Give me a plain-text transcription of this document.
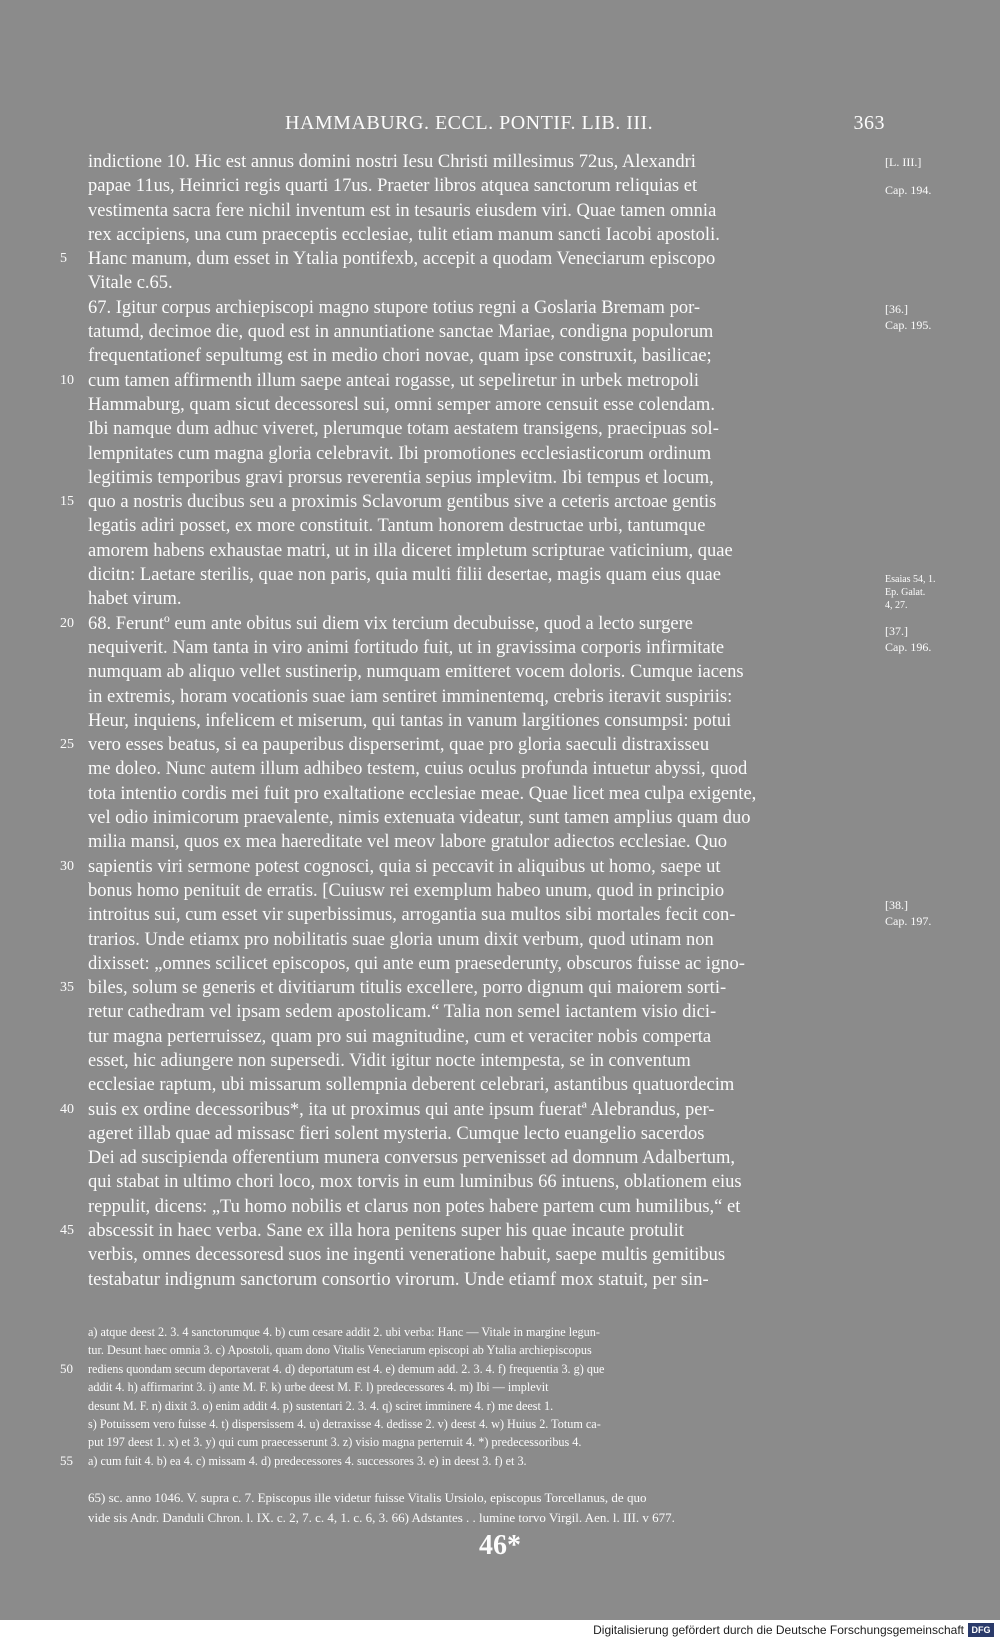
HAMMABURG. ECCL. PONTIF. LIB. III.	363
5
10
15
20
25
30
35
40
45
indictione 10. Hic est annus domini nostri Iesu Christi millesimus 72us, Alexandri
papae 11us, Heinrici regis quarti 17us. Praeter libros atquea sanctorum reliquias et
vestimenta sacra fere nichil inventum est in tesauris eiusdem viri. Quae tamen omnia
rex accipiens, una cum praeceptis ecclesiae, tulit etiam manum sancti Iacobi apostoli.
Hanc manum, dum esset in Ytalia pontifexb, accepit a quodam Veneciarum episcopo
Vitale c.65.
67. Igitur corpus archiepiscopi magno stupore totius regni a Goslaria Bremam por-
tatumd, decimoe die, quod est in annuntiatione sanctae Mariae, condigna populorum
frequentationef sepultumg est in medio chori novae, quam ipse construxit, basilicae;
cum tamen affirmenth illum saepe anteai rogasse, ut sepeliretur in urbek metropoli
Hammaburg, quam sicut decessoresl sui, omni semper amore censuit esse colendam.
Ibi namque dum adhuc viveret, plerumque totam aestatem transigens, praecipuas sol-
lempnitates cum magna gloria celebravit. Ibi promotiones ecclesiasticorum ordinum
legitimis temporibus gravi prorsus reverentia sepius implevitm. Ibi tempus et locum,
quo a nostris ducibus seu a proximis Sclavorum gentibus sive a ceteris arctoae gentis
legatis adiri posset, ex more constituit. Tantum honorem destructae urbi, tantumque
amorem habens exhaustae matri, ut in illa diceret impletum scripturae vaticinium, quae
dicitn: Laetare sterilis, quae non paris, quia multi filii desertae, magis quam eius quae
habet virum.
68. Feruntº eum ante obitus sui diem vix tercium decubuisse, quod a lecto surgere
nequiverit. Nam tanta in viro animi fortitudo fuit, ut in gravissima corporis infirmitate
numquam ab aliquo vellet sustinerip, numquam emitteret vocem doloris. Cumque iacens
in extremis, horam vocationis suae iam sentiret imminentemq, crebris iteravit suspiriis:
Heur, inquiens, infelicem et miserum, qui tantas in vanum largitiones consumpsi: potui
vero esses beatus, si ea pauperibus disperserimt, quae pro gloria saeculi distraxisseu
me doleo. Nunc autem illum adhibeo testem, cuius oculus profunda intuetur abyssi, quod
tota intentio cordis mei fuit pro exaltatione ecclesiae meae. Quae licet mea culpa exigente,
vel odio inimicorum praevalente, nimis extenuata videatur, sunt tamen amplius quam duo
milia mansi, quos ex mea haereditate vel meov labore gratulor adiectos ecclesiae. Quo
sapientis viri sermone potest cognosci, quia si peccavit in aliquibus ut homo, saepe ut
bonus homo penituit de erratis. [Cuiusw rei exemplum habeo unum, quod in principio
introitus sui, cum esset vir superbissimus, arrogantia sua multos sibi mortales fecit con-
trarios. Unde etiamx pro nobilitatis suae gloria unum dixit verbum, quod utinam non
dixisset: „omnes scilicet episcopos, qui ante eum praesederunty, obscuros fuisse ac igno-
biles, solum se generis et divitiarum titulis excellere, porro dignum qui maiorem sorti-
retur cathedram vel ipsam sedem apostolicam.“ Talia non semel iactantem visio dici-
tur magna perterruissez, quam pro sui magnitudine, cum et veraciter nobis comperta
esset, hic adiungere non supersedi. Vidit igitur nocte intempesta, se in conventum
ecclesiae raptum, ubi missarum sollempnia deberent celebrari, astantibus quatuordecim
suis ex ordine decessoribus*, ita ut proximus qui ante ipsum fueratª Alebrandus, per-
ageret illab quae ad missasc fieri solent mysteria. Cumque lecto euangelio sacerdos
Dei ad suscipienda offerentium munera conversus pervenisset ad domnum Adalbertum,
qui stabat in ultimo chori loco, mox torvis in eum luminibus 66 intuens, oblationem eius
reppulit, dicens: „Tu homo nobilis et clarus non potes habere partem cum humilibus,“ et
abscessit in haec verba. Sane ex illa hora penitens super his quae incaute protulit
verbis, omnes decessoresd suos ine ingenti veneratione habuit, saepe multis gemitibus
testabatur indignum sanctorum consortio virorum. Unde etiamf mox statuit, per sin-
[L. III.]
Cap. 194.
[36.]
Cap. 195.
Esaias 54, 1.
Ep. Galat.
4, 27.
[37.]
Cap. 196.
[38.]
Cap. 197.
50
55
a) atque deest 2. 3. 4 sanctorumque 4. b) cum cesare addit 2. ubi verba: Hanc — Vitale in margine legun-
tur. Desunt haec omnia 3. c) Apostoli, quam dono Vitalis Veneciarum episcopi ab Ytalia archiepiscopus
rediens quondam secum deportaverat 4. d) deportatum est 4. e) demum add. 2. 3. 4. f) frequentia 3. g) que
addit 4. h) affirmarint 3. i) ante M. F. k) urbe deest M. F. l) predecessores 4. m) Ibi — implevit
desunt M. F. n) dixit 3. o) enim addit 4. p) sustentari 2. 3. 4. q) sciret imminere 4. r) me deest 1.
s) Potuissem vero fuisse 4. t) dispersissem 4. u) detraxisse 4. dedisse 2. v) deest 4. w) Huius 2. Totum ca-
put 197 deest 1. x) et 3. y) qui cum praecesserunt 3. z) visio magna perterruit 4. *) predecessoribus 4.
a) cum fuit 4. b) ea 4. c) missam 4. d) predecessores 4. successores 3. e) in deest 3. f) et 3.
65) sc. anno 1046. V. supra c. 7. Episcopus ille videtur fuisse Vitalis Ursiolo, episcopus Torcellanus, de quo
vide sis Andr. Danduli Chron. l. IX. c. 2, 7. c. 4, 1. c. 6, 3. 66) Adstantes . . lumine torvo Virgil. Aen. l. III. v 677.
46*
Digitalisierung gefördert durch die Deutsche Forschungsgemeinschaft DFG
